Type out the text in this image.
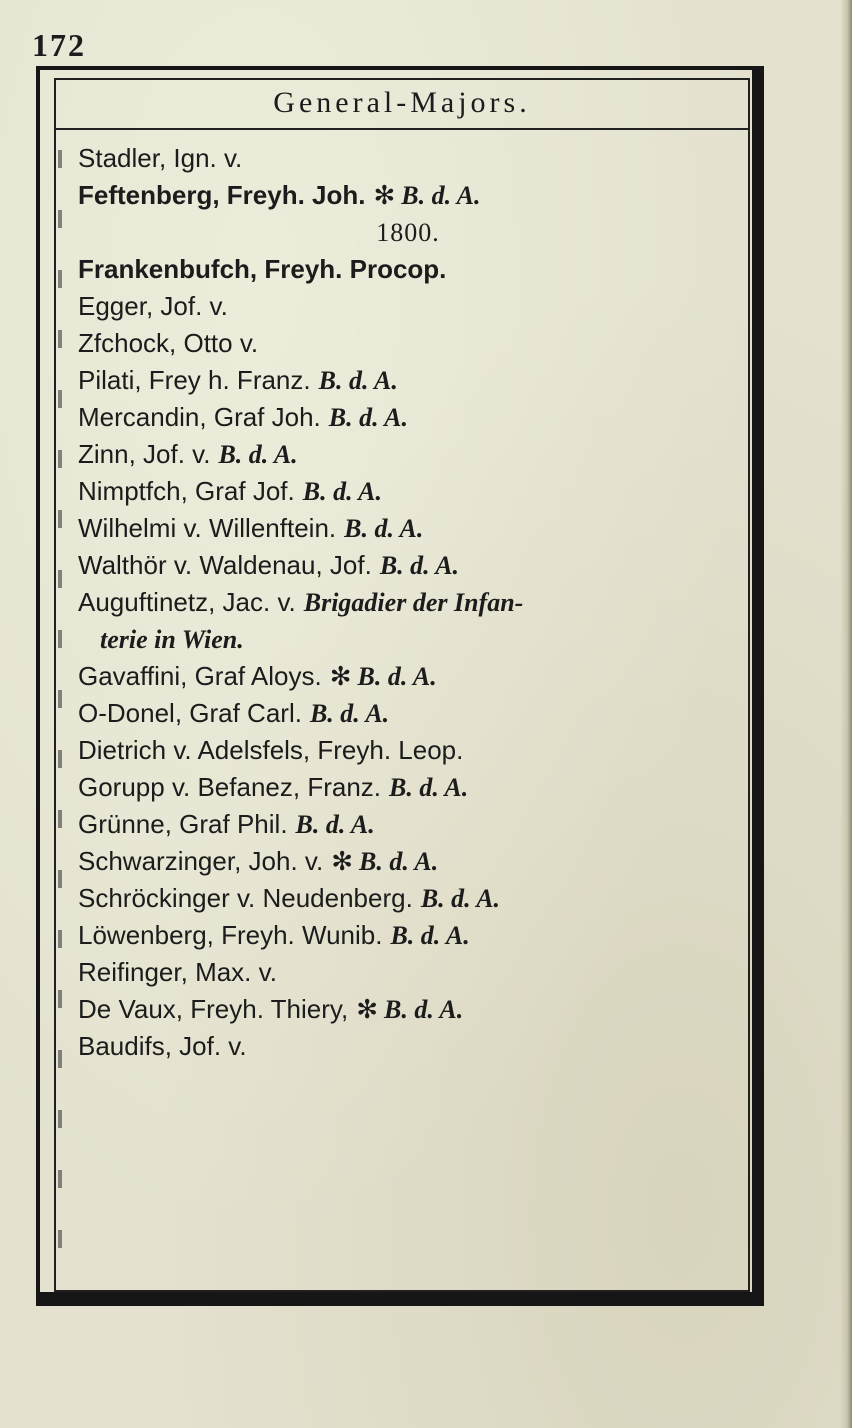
172
General-Majors.
Stadler, Ign. v.
Feftenberg, Freyh. Joh. ✻ B. d. A.
1800.
Frankenbufch, Freyh. Procop.
Egger, Jof. v.
Zfchock, Otto v.
Pilati, Frey h. Franz. B. d. A.
Mercandin, Graf Joh. B. d. A.
Zinn, Jof. v. B. d. A.
Nimptfch, Graf Jof. B. d. A.
Wilhelmi v. Willenftein. B. d. A.
Walthör v. Waldenau, Jof. B. d. A.
Auguftinetz, Jac. v. Brigadier der Infan-
terie in Wien.
Gavaffini, Graf Aloys. ✻ B. d. A.
O-Donel, Graf Carl. B. d. A.
Dietrich v. Adelsfels, Freyh. Leop.
Gorupp v. Befanez, Franz. B. d. A.
Grünne, Graf Phil. B. d. A.
Schwarzinger, Joh. v. ✻ B. d. A.
Schröckinger v. Neudenberg. B. d. A.
Löwenberg, Freyh. Wunib. B. d. A.
Reifinger, Max. v.
De Vaux, Freyh. Thiery, ✻ B. d. A.
Baudifs, Jof. v.
